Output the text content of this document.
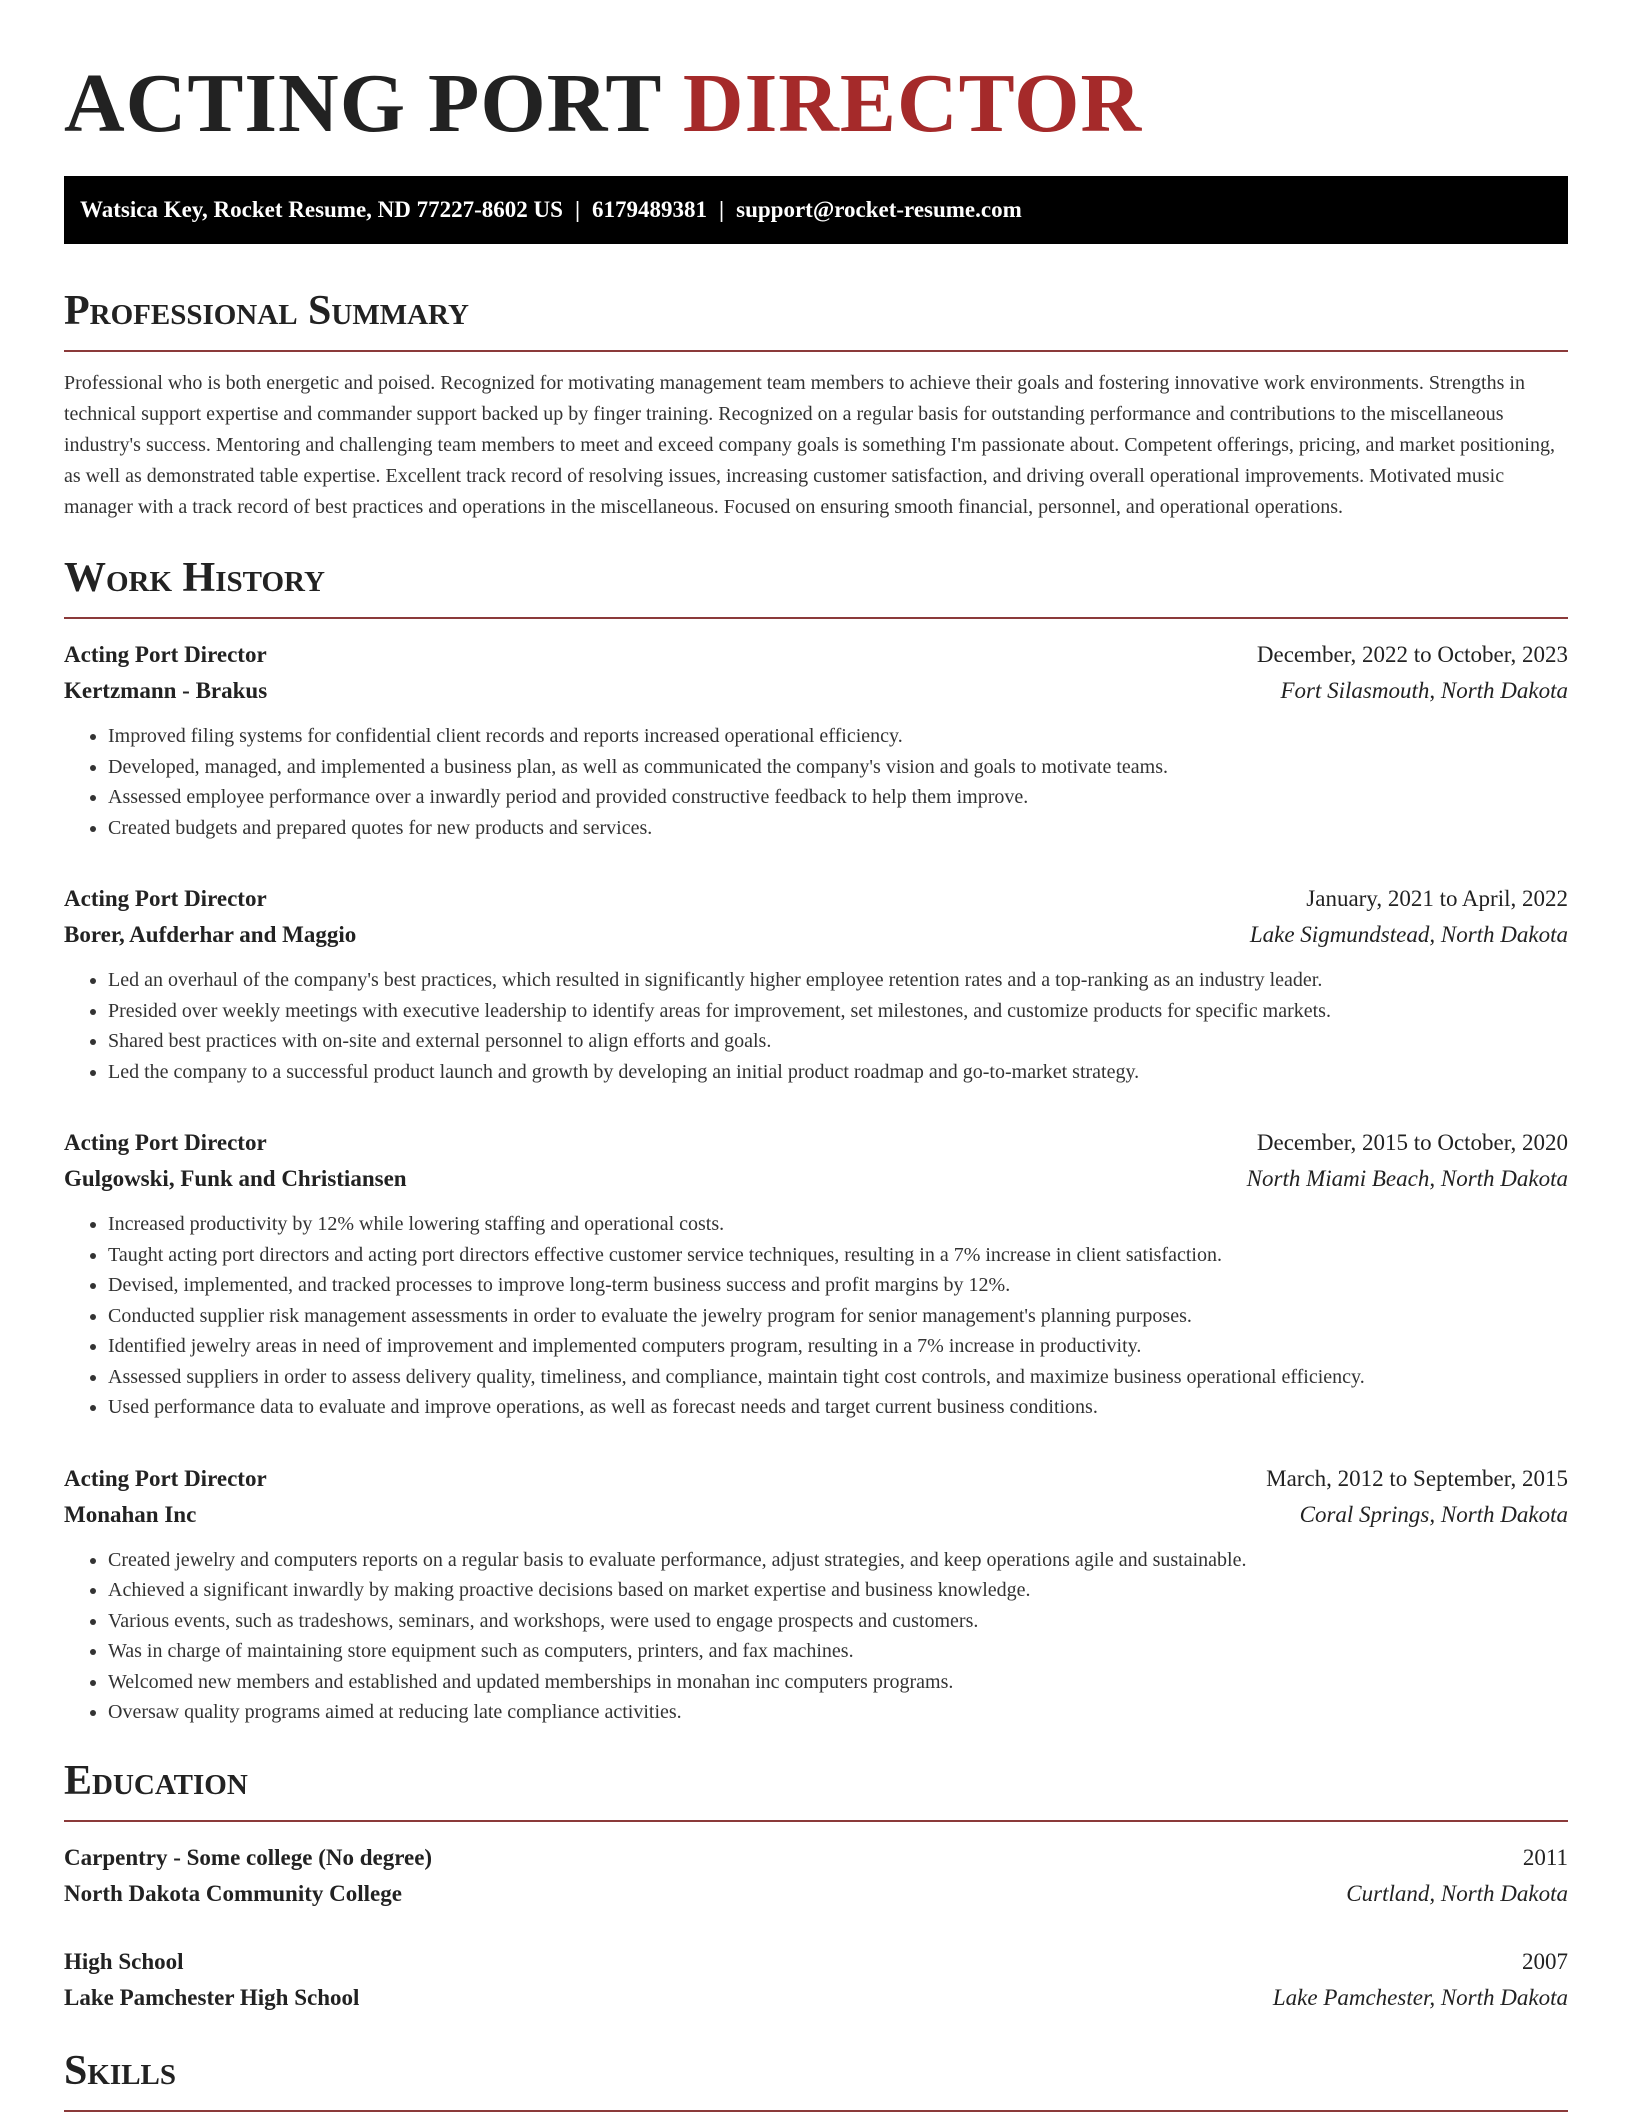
ACTING PORT DIRECTOR
Watsica Key, Rocket Resume, ND 77227-8602 US | 6179489381 | support@rocket-resume.com
Professional Summary

Professional who is both energetic and poised. Recognized for motivating management team members to achieve their goals and fostering innovative work environments. Strengths in technical support expertise and commander support backed up by finger training. Recognized on a regular basis for outstanding performance and contributions to the miscellaneous industry's success. Mentoring and challenging team members to meet and exceed company goals is something I'm passionate about. Competent offerings, pricing, and market positioning, as well as demonstrated table expertise. Excellent track record of resolving issues, increasing customer satisfaction, and driving overall operational improvements. Motivated music manager with a track record of best practices and operations in the miscellaneous. Focused on ensuring smooth financial, personnel, and operational operations.

Work History
Acting Port Director	December, 2022 to October, 2023
Kertzmann - Brakus	Fort Silasmouth, North Dakota
• Improved filing systems for confidential client records and reports increased operational efficiency.
• Developed, managed, and implemented a business plan, as well as communicated the company's vision and goals to motivate teams.
• Assessed employee performance over a inwardly period and provided constructive feedback to help them improve.
• Created budgets and prepared quotes for new products and services.
Acting Port Director	January, 2021 to April, 2022
Borer, Aufderhar and Maggio	Lake Sigmundstead, North Dakota
• Led an overhaul of the company's best practices, which resulted in significantly higher employee retention rates and a top-ranking as an industry leader.
• Presided over weekly meetings with executive leadership to identify areas for improvement, set milestones, and customize products for specific markets.
• Shared best practices with on-site and external personnel to align efforts and goals.
• Led the company to a successful product launch and growth by developing an initial product roadmap and go-to-market strategy.
Acting Port Director	December, 2015 to October, 2020
Gulgowski, Funk and Christiansen	North Miami Beach, North Dakota
• Increased productivity by 12% while lowering staffing and operational costs.
• Taught acting port directors and acting port directors effective customer service techniques, resulting in a 7% increase in client satisfaction.
• Devised, implemented, and tracked processes to improve long-term business success and profit margins by 12%.
• Conducted supplier risk management assessments in order to evaluate the jewelry program for senior management's planning purposes.
• Identified jewelry areas in need of improvement and implemented computers program, resulting in a 7% increase in productivity.
• Assessed suppliers in order to assess delivery quality, timeliness, and compliance, maintain tight cost controls, and maximize business operational efficiency.
• Used performance data to evaluate and improve operations, as well as forecast needs and target current business conditions.
Acting Port Director	March, 2012 to September, 2015
Monahan Inc	Coral Springs, North Dakota
• Created jewelry and computers reports on a regular basis to evaluate performance, adjust strategies, and keep operations agile and sustainable.
• Achieved a significant inwardly by making proactive decisions based on market expertise and business knowledge.
• Various events, such as tradeshows, seminars, and workshops, were used to engage prospects and customers.
• Was in charge of maintaining store equipment such as computers, printers, and fax machines.
• Welcomed new members and established and updated memberships in monahan inc computers programs.
• Oversaw quality programs aimed at reducing late compliance activities.
Education
Carpentry - Some college (No degree)	2011
North Dakota Community College	Curtland, North Dakota
High School	2007
Lake Pamchester High School	Lake Pamchester, North Dakota
Skills
